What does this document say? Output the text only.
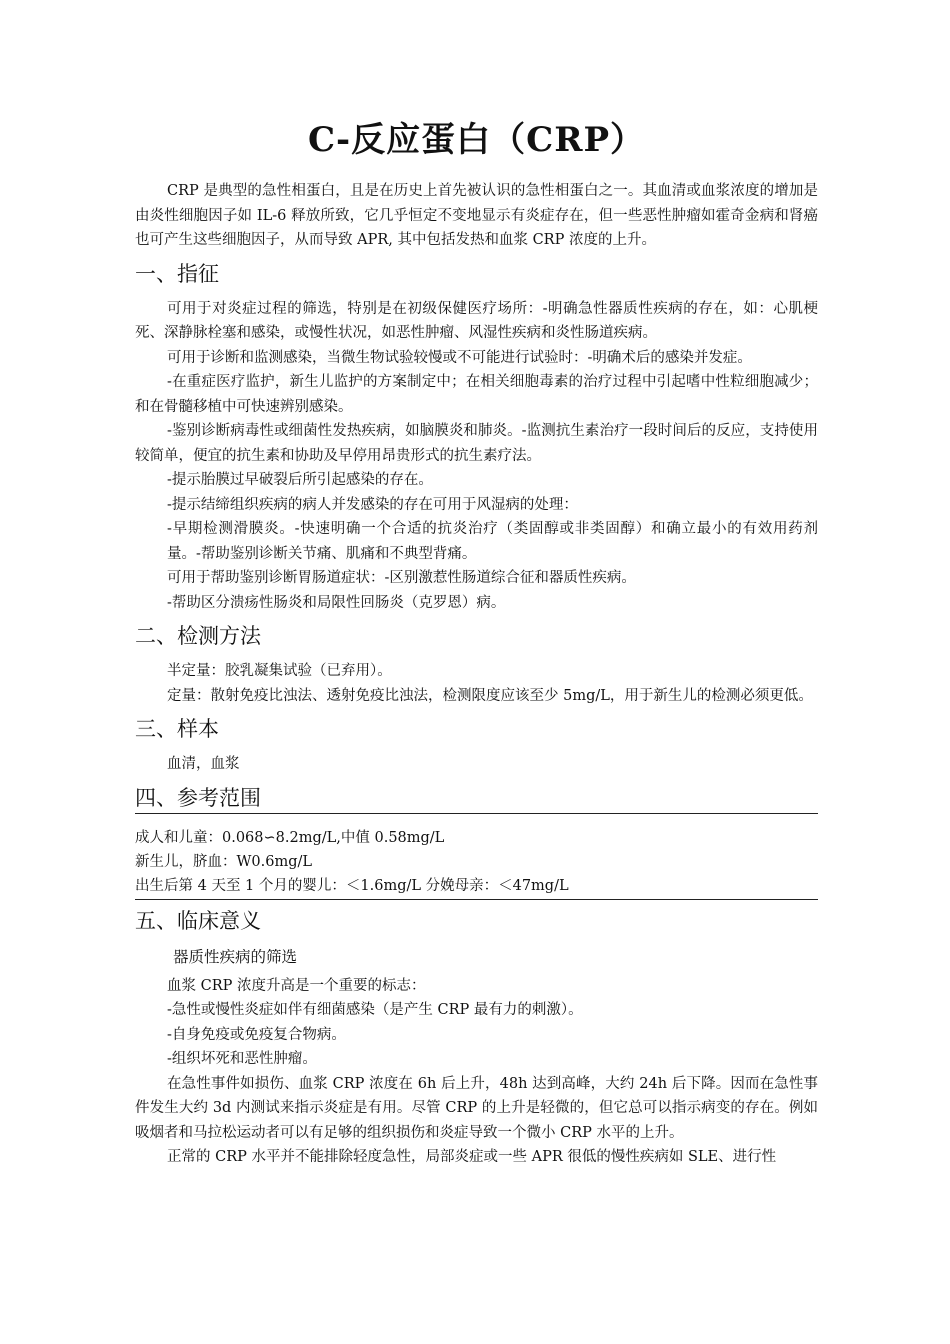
C-反应蛋白（CRP）

CRP 是典型的急性相蛋白，且是在历史上首先被认识的急性相蛋白之一。其血清或血浆浓度的增加是由炎性细胞因子如 IL-6 释放所致，它几乎恒定不变地显示有炎症存在，但一些恶性肿瘤如霍奇金病和肾癌也可产生这些细胞因子，从而导致 APR, 其中包括发热和血浆 CRP 浓度的上升。

一、指征

可用于对炎症过程的筛选，特别是在初级保健医疗场所：-明确急性器质性疾病的存在，如：心肌梗死、深静脉栓塞和感染，或慢性状况，如恶性肿瘤、风湿性疾病和炎性肠道疾病。

可用于诊断和监测感染，当微生物试验较慢或不可能进行试验时：-明确术后的感染并发症。

-在重症医疗监护，新生儿监护的方案制定中；在相关细胞毒素的治疗过程中引起嗜中性粒细胞减少；和在骨髓移植中可快速辨别感染。

-鉴别诊断病毒性或细菌性发热疾病，如脑膜炎和肺炎。-监测抗生素治疗一段时间后的反应，支持使用较简单，便宜的抗生素和协助及早停用昂贵形式的抗生素疗法。

-提示胎膜过早破裂后所引起感染的存在。

-提示结缔组织疾病的病人并发感染的存在可用于风湿病的处理：

-早期检测滑膜炎。-快速明确一个合适的抗炎治疗（类固醇或非类固醇）和确立最小的有效用药剂量。-帮助鉴别诊断关节痛、肌痛和不典型背痛。

可用于帮助鉴别诊断胃肠道症状：-区别激惹性肠道综合征和器质性疾病。

-帮助区分溃疡性肠炎和局限性回肠炎（克罗恩）病。

二、检测方法

半定量：胶乳凝集试验（已弃用）。

定量：散射免疫比浊法、透射免疫比浊法，检测限度应该至少 5mg/L，用于新生儿的检测必须更低。

三、样本

血清，血浆

四、参考范围

成人和儿童：0.068∽8.2mg/L,中值 0.58mg/L

新生儿，脐血：W0.6mg/L

出生后第 4 天至 1 个月的婴儿：＜1.6mg/L 分娩母亲：＜47mg/L

五、临床意义
器质性疾病的筛选

血浆 CRP 浓度升高是一个重要的标志：

-急性或慢性炎症如伴有细菌感染（是产生 CRP 最有力的刺激）。

-自身免疫或免疫复合物病。

-组织坏死和恶性肿瘤。

在急性事件如损伤、血浆 CRP 浓度在 6h 后上升，48h 达到高峰，大约 24h 后下降。因而在急性事件发生大约 3d 内测试来指示炎症是有用。尽管 CRP 的上升是轻微的，但它总可以指示病变的存在。例如吸烟者和马拉松运动者可以有足够的组织损伤和炎症导致一个微小 CRP 水平的上升。

正常的 CRP 水平并不能排除轻度急性，局部炎症或一些 APR 很低的慢性疾病如 SLE、进行性
